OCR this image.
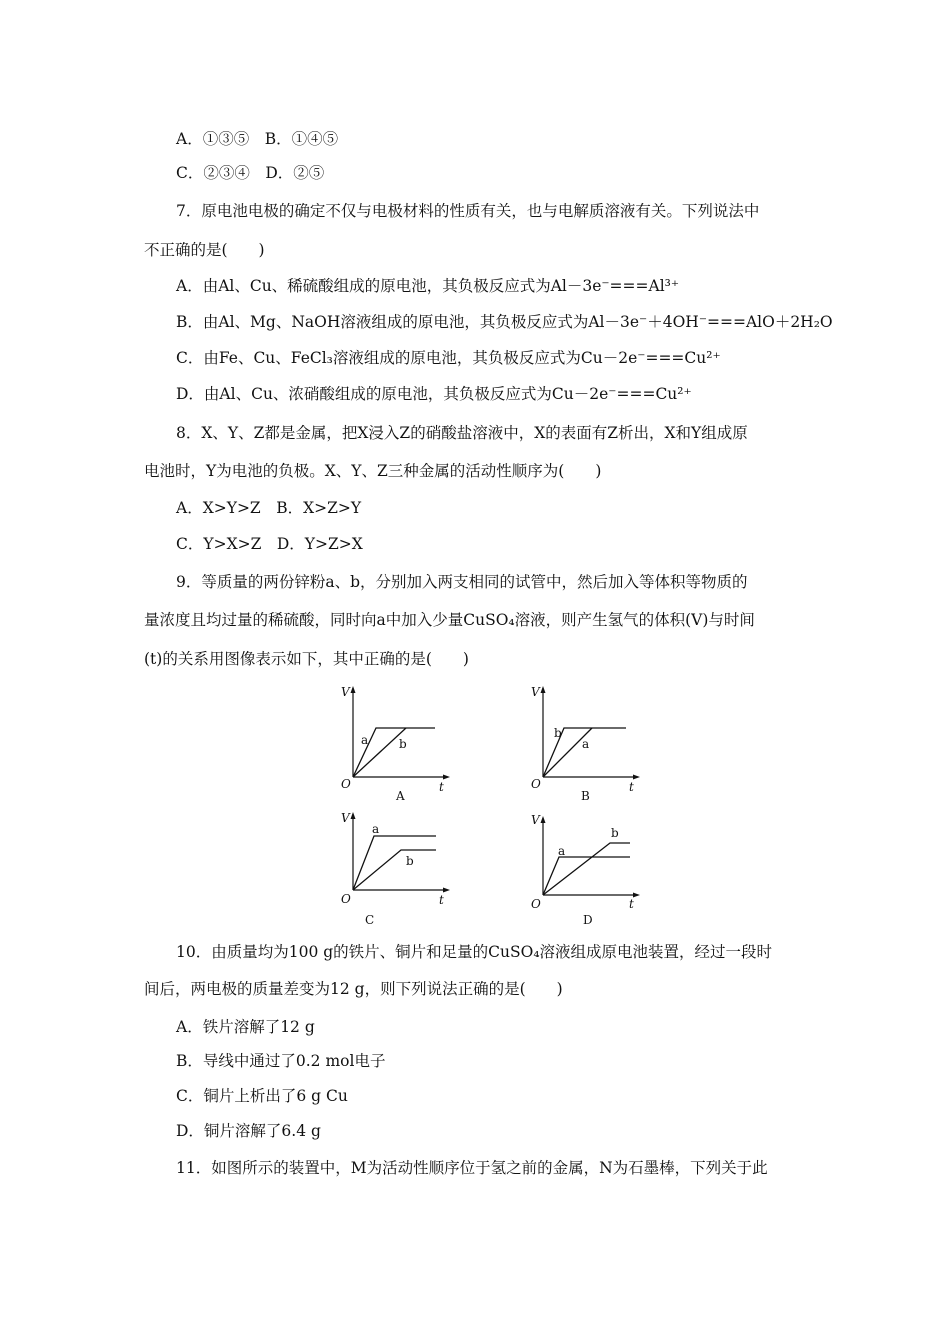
A．①③⑤　B．①④⑤
C．②③④　D．②⑤
7．原电池电极的确定不仅与电极材料的性质有关，也与电解质溶液有关。下列说法中
不正确的是(　　)
A．由Al、Cu、稀硫酸组成的原电池，其负极反应式为Al－3e⁻===Al³⁺
B．由Al、Mg、NaOH溶液组成的原电池，其负极反应式为Al－3e⁻＋4OH⁻===AlO＋2H₂O
C．由Fe、Cu、FeCl₃溶液组成的原电池，其负极反应式为Cu－2e⁻===Cu²⁺
D．由Al、Cu、浓硝酸组成的原电池，其负极反应式为Cu－2e⁻===Cu²⁺
8．X、Y、Z都是金属，把X浸入Z的硝酸盐溶液中，X的表面有Z析出，X和Y组成原
电池时，Y为电池的负极。X、Y、Z三种金属的活动性顺序为(　　)
A．X>Y>Z　B．X>Z>Y
C．Y>X>Z　D．Y>Z>X
9．等质量的两份锌粉a、b，分别加入两支相同的试管中，然后加入等体积等物质的
量浓度且均过量的稀硫酸，同时向a中加入少量CuSO₄溶液，则产生氢气的体积(V)与时间
(t)的关系用图像表示如下，其中正确的是(　　)
V
t
O
a	b
A
V
t
O
b
a
B
V
t
O
a
b
C
V
t
O
b
a
D
10．由质量均为100 g的铁片、铜片和足量的CuSO₄溶液组成原电池装置，经过一段时
间后，两电极的质量差变为12 g，则下列说法正确的是(　　)
A．铁片溶解了12 g
B．导线中通过了0.2 mol电子
C．铜片上析出了6 g Cu
D．铜片溶解了6.4 g
11．如图所示的装置中，M为活动性顺序位于氢之前的金属，N为石墨棒，下列关于此
